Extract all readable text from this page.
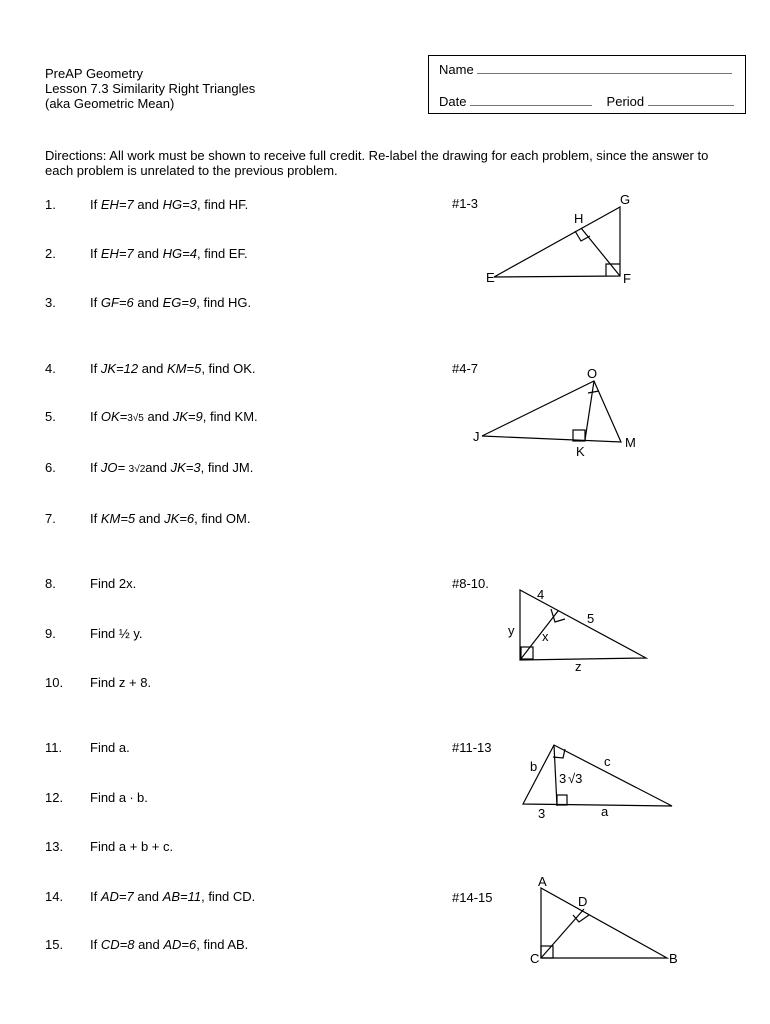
PreAP Geometry
Lesson 7.3 Similarity Right Triangles
(aka Geometric Mean)
Name
Date	Period
Directions: All work must be shown to receive full credit. Re-label the drawing for each problem, since the answer to each problem is unrelated to the previous problem.
1.	If EH=7 and HG=3, find HF.
2.	If EH=7 and HG=4, find EF.
3.	If GF=6 and EG=9, find HG.
4.	If JK=12 and KM=5, find OK.
5.	If OK=3√5 and JK=9, find KM.
6.	If JO= 3√2and JK=3, find JM.
7.	If KM=5 and JK=6, find OM.
8.	Find 2x.
9.	Find ½ y.
10. Find z + 8.
11. Find a.
12. Find a ∙ b.
13. Find a + b + c.
14. If AD=7 and AB=11, find CD.
15. If CD=8 and AD=6, find AB.
#1-3
#4-7
#8-10.
#11-13
#14-15
E
H
G
F
J
O
M
K
4
5
y x
z
b	c
3	a
3 √3
A
D
C	B
